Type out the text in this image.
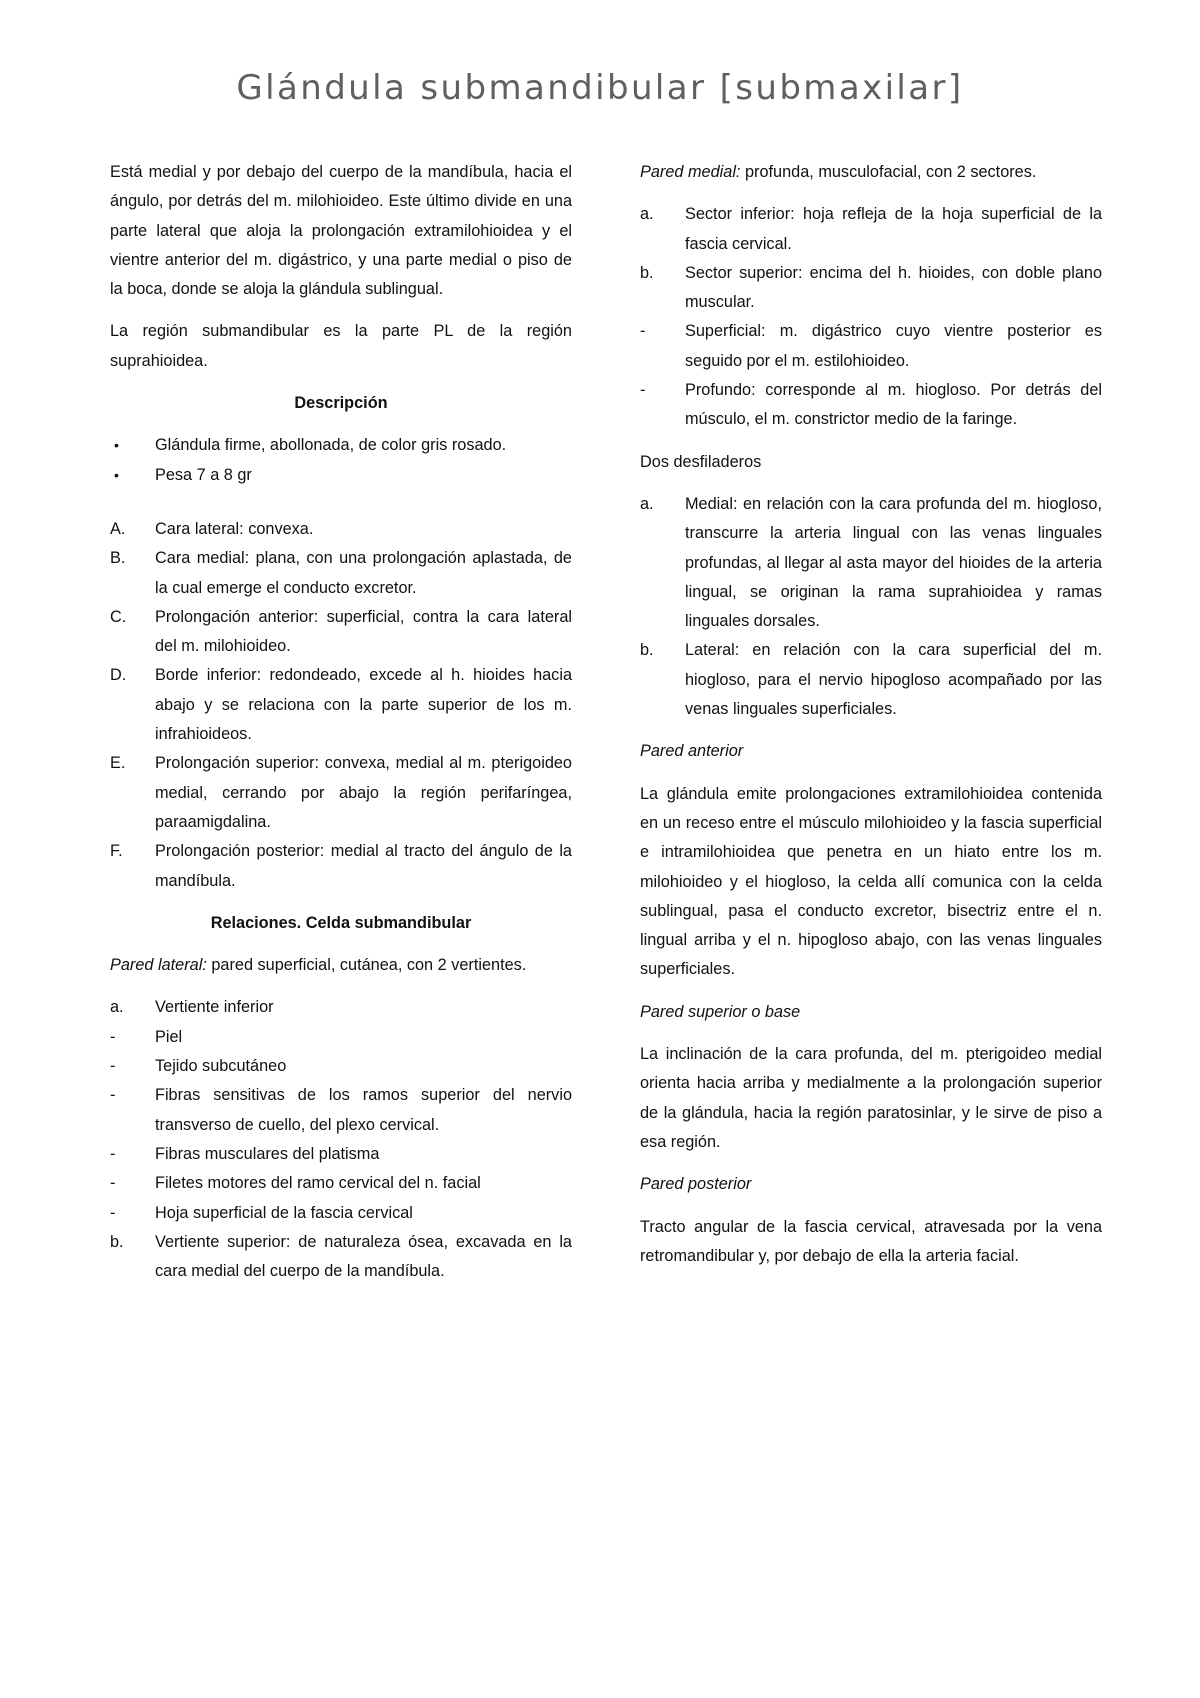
Glándula submandibular [submaxilar]

Está medial y por debajo del cuerpo de la mandíbula, hacia el ángulo, por detrás del m. milohioideo. Este último divide en una parte lateral que aloja la prolongación extramilohioidea y el vientre anterior del m. digástrico, y una parte medial o piso de la boca, donde se aloja la glándula sublingual.

La región submandibular es la parte PL de la región suprahioidea.

Descripción
•	Glándula firme, abollonada, de color gris rosado.
•	Pesa 7 a 8 gr
A.	Cara lateral: convexa.
B.	Cara medial: plana, con una prolongación aplastada, de la cual emerge el conducto excretor.
C.	Prolongación anterior: superficial, contra la cara lateral del m. milohioideo.
D.	Borde inferior: redondeado, excede al h. hioides hacia abajo y se relaciona con la parte superior de los m. infrahioideos.
E.	Prolongación superior: convexa, medial al m. pterigoideo medial, cerrando por abajo la región perifaríngea, paraamigdalina.
F.	Prolongación posterior: medial al tracto del ángulo de la mandíbula.
Relaciones. Celda submandibular

Pared lateral: pared superficial, cutánea, con 2 vertientes.

a.	Vertiente inferior
-	Piel
-	Tejido subcutáneo
-	Fibras sensitivas de los ramos superior del nervio transverso de cuello, del plexo cervical.
-	Fibras musculares del platisma
-	Filetes motores del ramo cervical del n. facial
-	Hoja superficial de la fascia cervical
b.	Vertiente superior: de naturaleza ósea, excavada en la cara medial del cuerpo de la mandíbula.

Pared medial: profunda, musculofacial, con 2 sectores.

a.	Sector inferior: hoja refleja de la hoja superficial de la fascia cervical.
b.	Sector superior: encima del h. hioides, con doble plano muscular.
-	Superficial: m. digástrico cuyo vientre posterior es seguido por el m. estilohioideo.
-	Profundo: corresponde al m. hiogloso. Por detrás del músculo, el m. constrictor medio de la faringe.

Dos desfiladeros

a.	Medial: en relación con la cara profunda del m. hiogloso, transcurre la arteria lingual con las venas linguales profundas, al llegar al asta mayor del hioides de la arteria lingual, se originan la rama suprahioidea y ramas linguales dorsales.
b.	Lateral: en relación con la cara superficial del m. hiogloso, para el nervio hipogloso acompañado por las venas linguales superficiales.

Pared anterior

La glándula emite prolongaciones extramilohioidea contenida en un receso entre el músculo milohioideo y la fascia superficial e intramilohioidea que penetra en un hiato entre los m. milohioideo y el hiogloso, la celda allí comunica con la celda sublingual, pasa el conducto excretor, bisectriz entre el n. lingual arriba y el n. hipogloso abajo, con las venas linguales superficiales.

Pared superior o base

La inclinación de la cara profunda, del m. pterigoideo medial orienta hacia arriba y medialmente a la prolongación superior de la glándula, hacia la región paratosinlar, y le sirve de piso a esa región.

Pared posterior

Tracto angular de la fascia cervical, atravesada por la vena retromandibular y, por debajo de ella la arteria facial.
